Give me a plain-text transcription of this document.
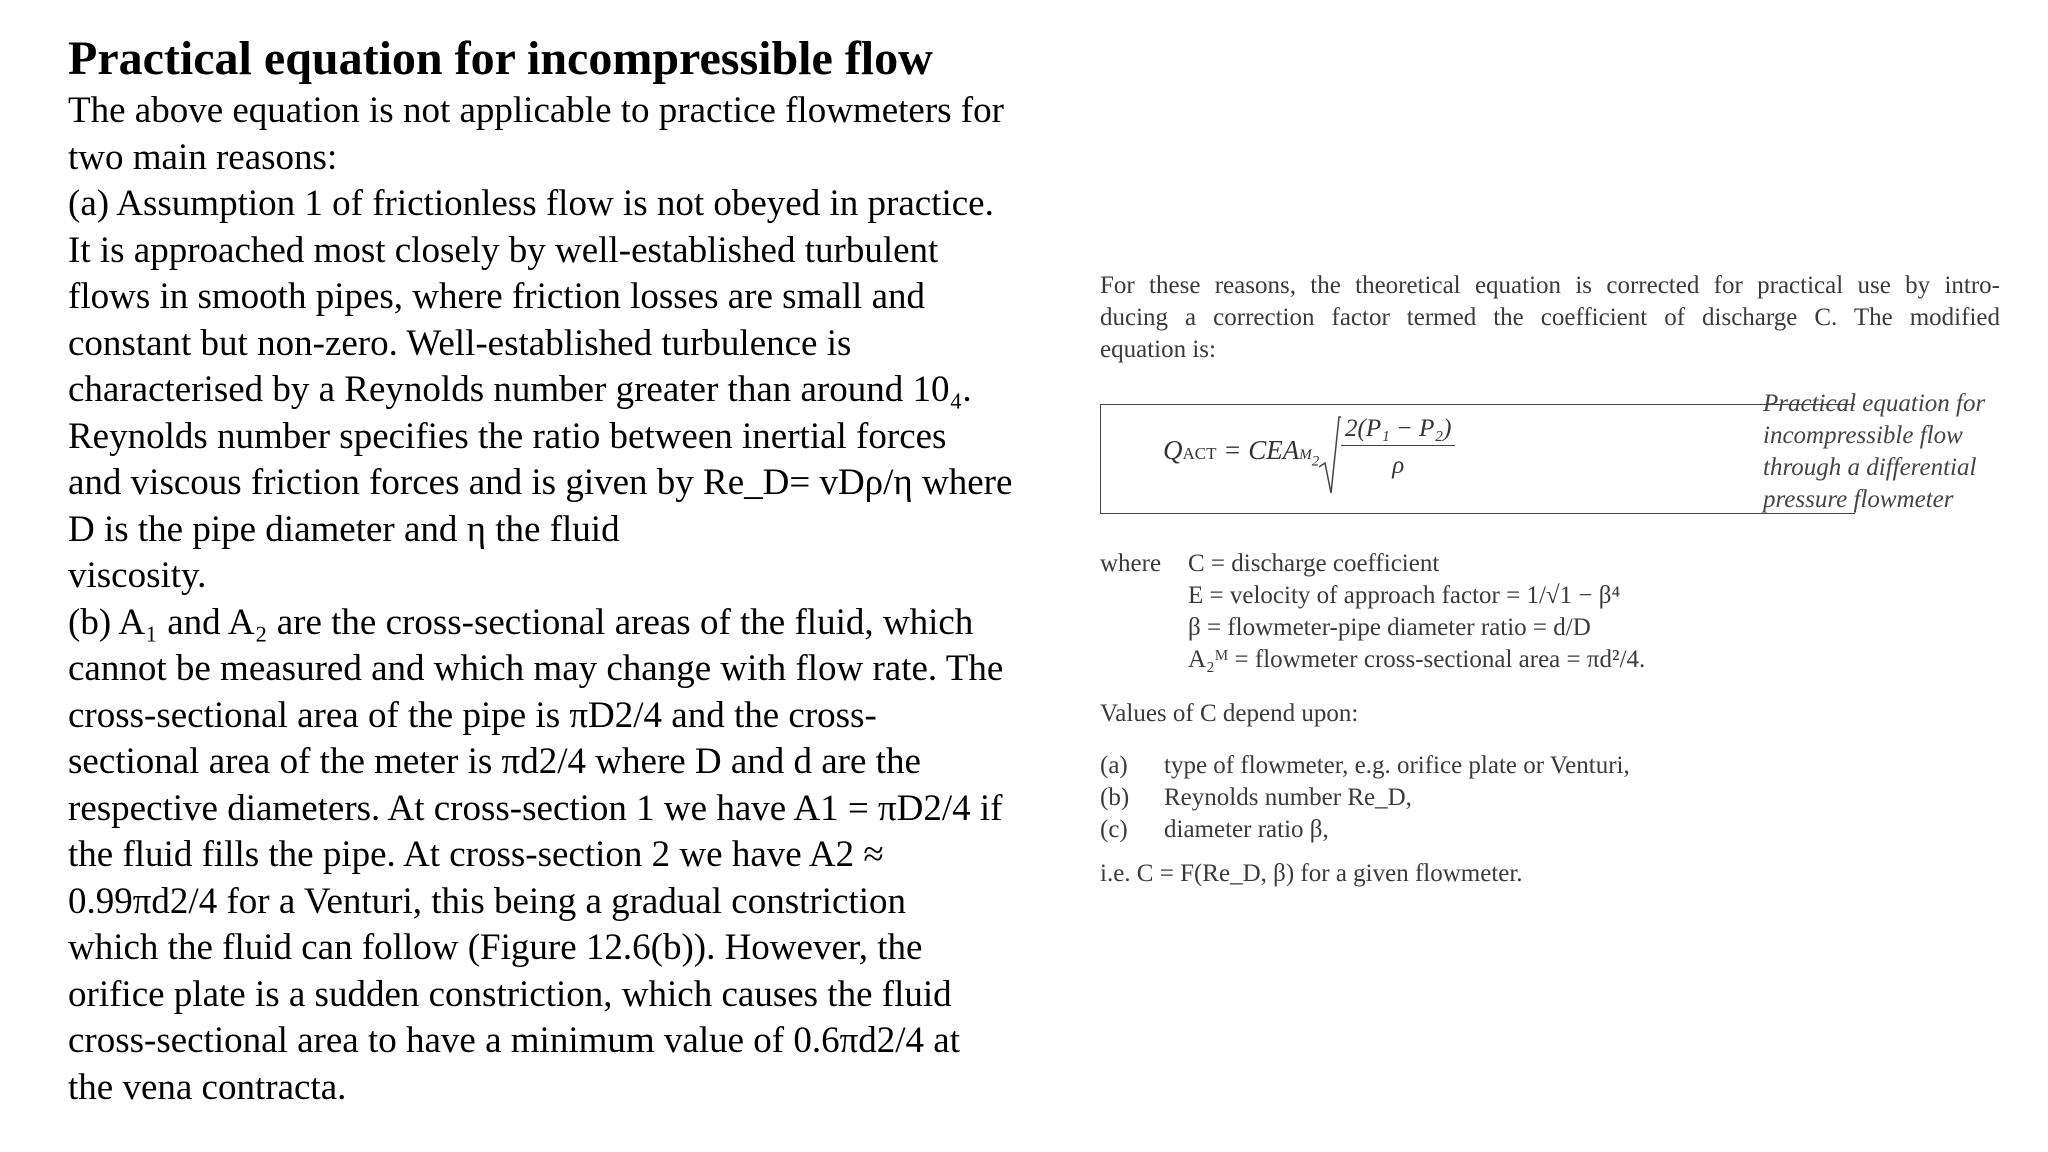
Practical equation for incompressible flow
The above equation is not applicable to practice flowmeters for
two main reasons:
(a) Assumption 1 of frictionless flow is not obeyed in practice.
It is approached most closely by well-established turbulent
flows in smooth pipes, where friction losses are small and
constant but non-zero. Well-established turbulence is
characterised by a Reynolds number greater than around 10₄.
Reynolds number specifies the ratio between inertial forces
and viscous friction forces and is given by Re_D= vDρ/η where
D is the pipe diameter and η the fluid
viscosity.
(b) A₁ and A₂ are the cross-sectional areas of the fluid, which
cannot be measured and which may change with flow rate. The
cross-sectional area of the pipe is πD2/4 and the cross-
sectional area of the meter is πd2/4 where D and d are the
respective diameters. At cross-section 1 we have A1 = πD2/4 if
the fluid fills the pipe. At cross-section 2 we have A2 ≈
0.99πd2/4 for a Venturi, this being a gradual constriction
which the fluid can follow (Figure 12.6(b)). However, the
orifice plate is a sudden constriction, which causes the fluid
cross-sectional area to have a minimum value of 0.6πd2/4 at
the vena contracta.
For these reasons, the theoretical equation is corrected for practical use by intro-
ducing a correction factor termed the coefficient of discharge C. The modified
equation is:
QACT = $CEAM_2 \frac{\text{2(P₁ − P₂)}}{\rho}$
Practical equation for
incompressible flow
through a differential
pressure flowmeter
where C = discharge coefficient
E = velocity of approach factor = 1/√1 − β⁴
β = flowmeter-pipe diameter ratio = d/D
A₂ᴹ = flowmeter cross-sectional area = πd²/4.
Values of C depend upon:
(a) type of flowmeter, e.g. orifice plate or Venturi,
(b) Reynolds number Re_D,
(c) diameter ratio β,
i.e. C = F(Re_D, β) for a given flowmeter.
